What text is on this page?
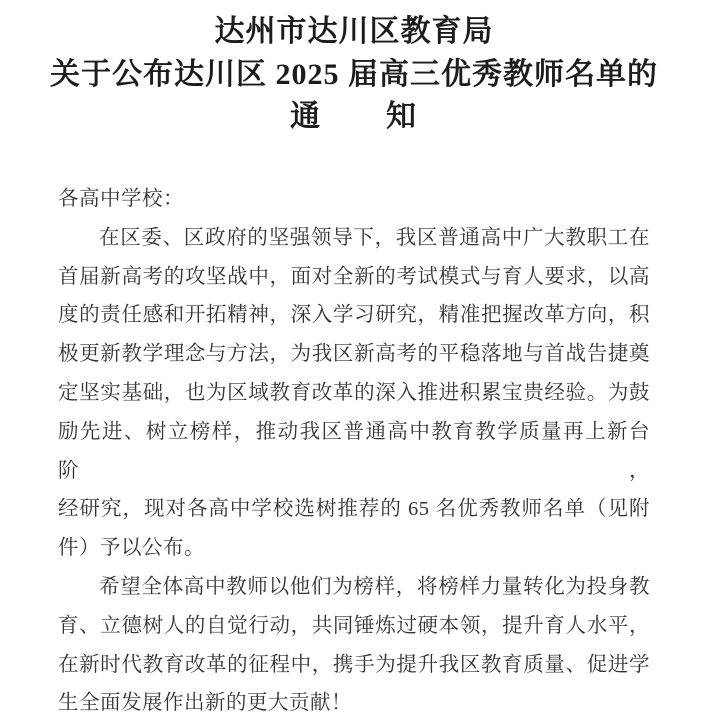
达州市达川区教育局
关于公布达川区 2025 届高三优秀教师名单的
通　　知
各高中学校：
在区委、区政府的坚强领导下，我区普通高中广大教职工在
首届新高考的攻坚战中，面对全新的考试模式与育人要求，以高
度的责任感和开拓精神，深入学习研究，精准把握改革方向，积
极更新教学理念与方法，为我区新高考的平稳落地与首战告捷奠
定坚实基础，也为区域教育改革的深入推进积累宝贵经验。为鼓
励先进、树立榜样，推动我区普通高中教育教学质量再上新台阶，
经研究，现对各高中学校选树推荐的 65 名优秀教师名单（见附
件）予以公布。
希望全体高中教师以他们为榜样，将榜样力量转化为投身教
育、立德树人的自觉行动，共同锤炼过硬本领，提升育人水平，
在新时代教育改革的征程中，携手为提升我区教育质量、促进学
生全面发展作出新的更大贡献！
